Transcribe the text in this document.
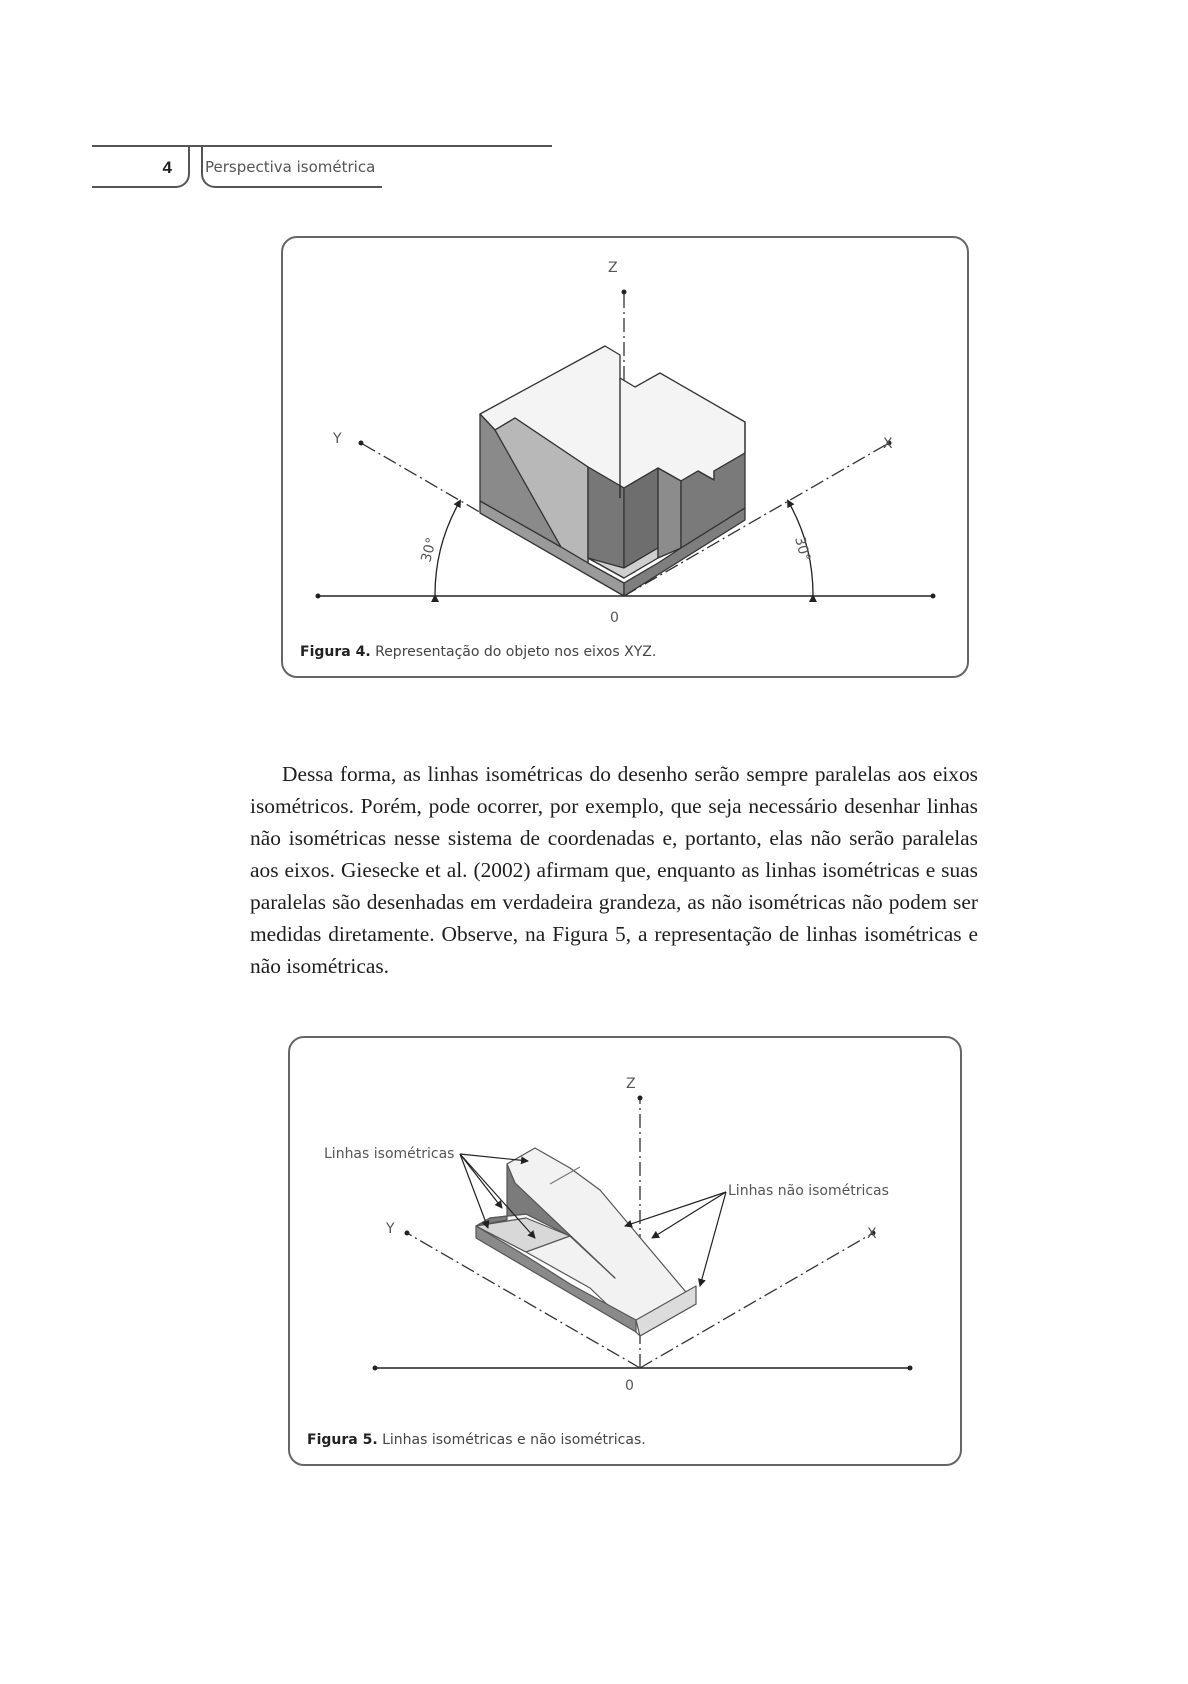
4 Perspectiva isométrica
Z
Y	X
0
30°	30°
Figura 4. Representação do objeto nos eixos XYZ.

Dessa forma, as linhas isométricas do desenho serão sempre paralelas aos eixos isométricos. Porém, pode ocorrer, por exemplo, que seja necessário desenhar linhas não isométricas nesse sistema de coordenadas e, portanto, elas não serão paralelas aos eixos. Giesecke et al. (2002) afirmam que, enquanto as linhas isométricas e suas paralelas são desenhadas em verdadeira grandeza, as não isométricas não podem ser medidas diretamente. Observe, na Figura 5, a representação de linhas isométricas e não isométricas.

Linhas isométricas
Linhas não isométricas
Z
Y	X
0
Figura 5. Linhas isométricas e não isométricas.
